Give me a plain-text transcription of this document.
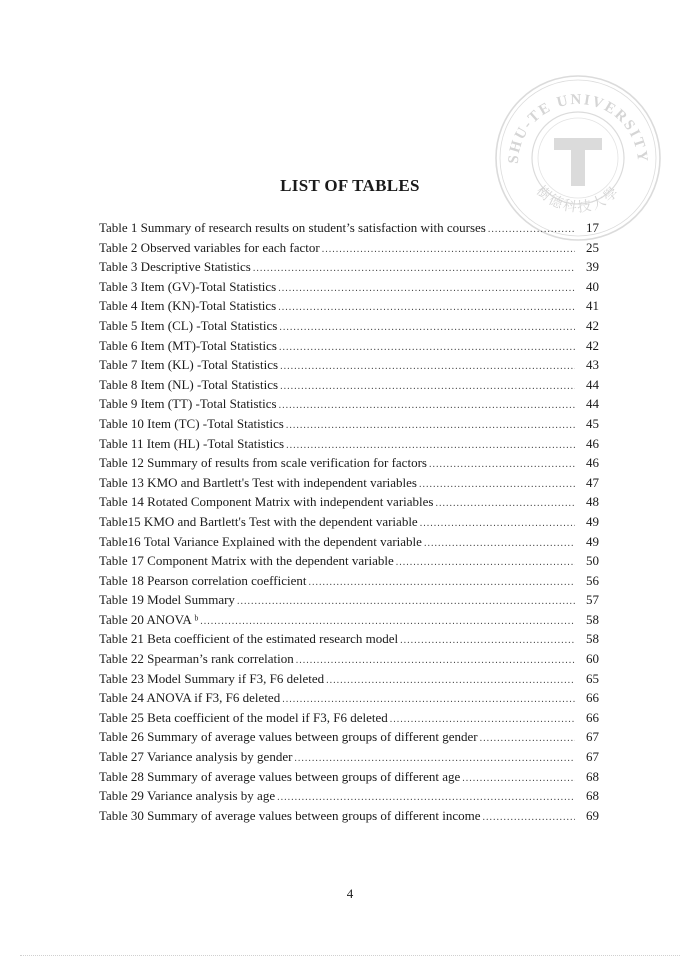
SHU-TE UNIVERSITY
樹德科技大學
LIST OF TABLES
Table 1 Summary of research results on student’s satisfaction with courses .....	17
Table 2 Observed variables for each factor .....	25
Table 3 Descriptive Statistics .....	39
Table 3 Item (GV)-Total Statistics .....	40
Table 4 Item (KN)-Total Statistics .....	41
Table 5 Item (CL) -Total Statistics .....	42
Table 6 Item (MT)-Total Statistics .....	42
Table 7 Item (KL) -Total Statistics .....	43
Table 8 Item (NL) -Total Statistics .....	44
Table 9 Item (TT) -Total Statistics .....	44
Table 10 Item (TC) -Total Statistics .....	45
Table 11 Item (HL) -Total Statistics .....	46
Table 12 Summary of results from scale verification for factors .....	46
Table 13 KMO and Bartlett's Test with independent variables .....	47
Table 14 Rotated Component Matrix with independent variables .....	48
Table15 KMO and Bartlett's Test with the dependent variable .....	49
Table16 Total Variance Explained with the dependent variable .....	49
Table 17 Component Matrix with the dependent variable .....	50
Table 18 Pearson correlation coefficient .....	56
Table 19 Model Summary .....	57
Table 20 ANOVA ᵇ .....	58
Table 21 Beta coefficient of the estimated research model .....	58
Table 22 Spearman’s rank correlation .....	60
Table 23 Model Summary if F3, F6 deleted .....	65
Table 24 ANOVA if F3, F6 deleted .....	66
Table 25 Beta coefficient of the model if F3, F6 deleted .....	66
Table 26 Summary of average values between groups of different gender .....	67
Table 27 Variance analysis by gender .....	67
Table 28 Summary of average values between groups of different age .....	68
Table 29 Variance analysis by age .....	68
Table 30 Summary of average values between groups of different income .....	69
4
